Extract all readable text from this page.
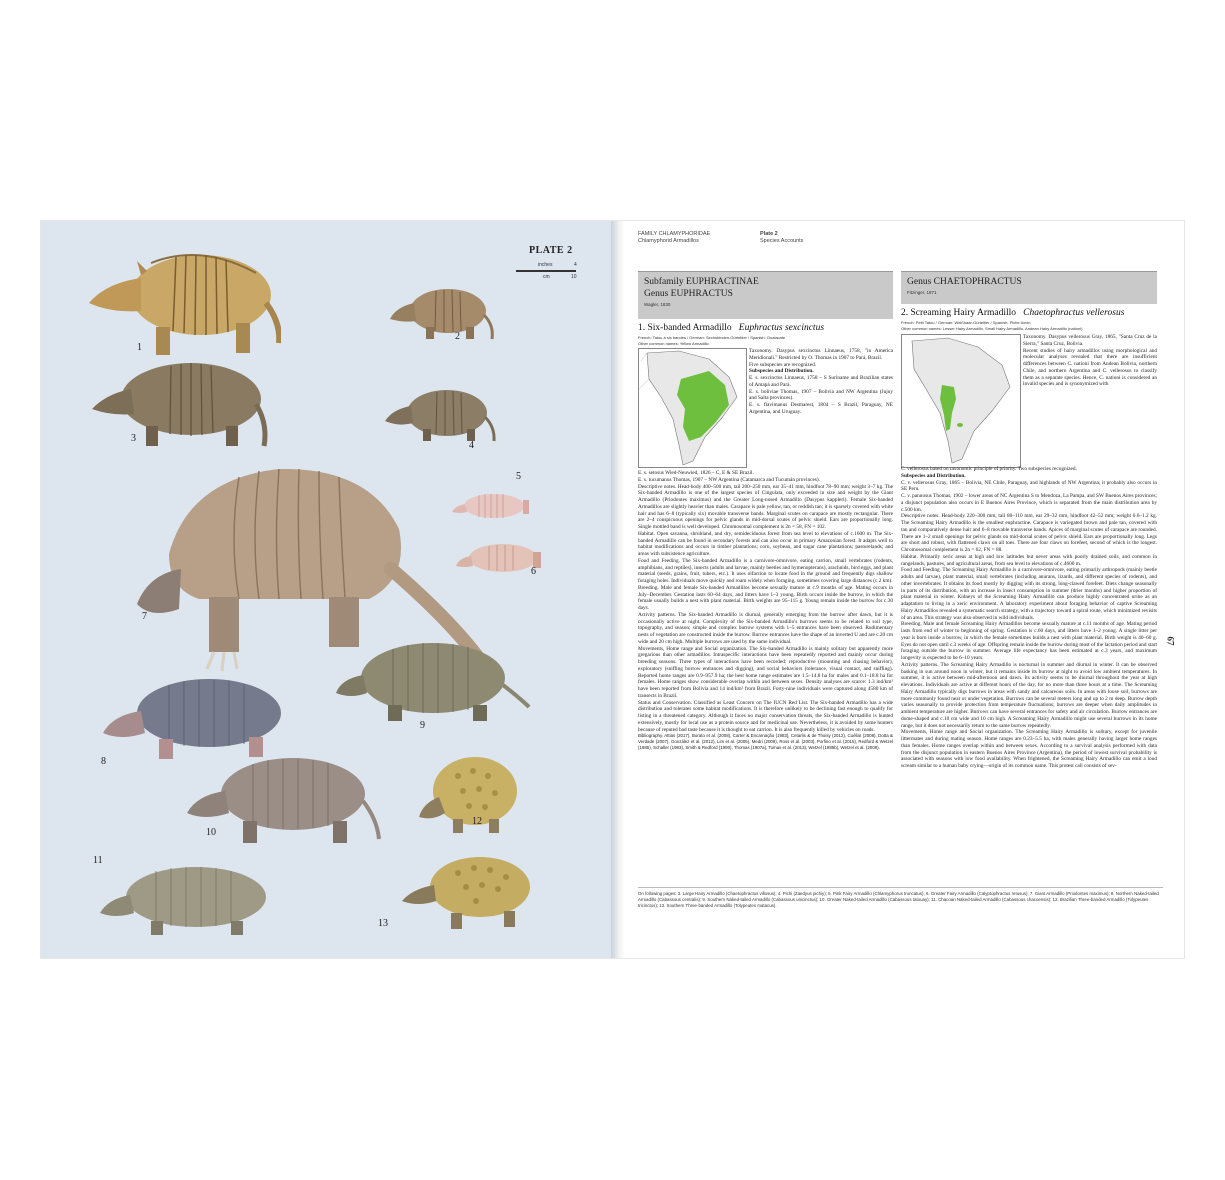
PLATE 2
inches	4
cm	10
1
2
3
4
5
6
7
8
9
10
11
12
13
FAMILY CHLAMYPHORIDAE
Chlamyphorid Armadillos
Plate 2
Species Accounts
Subfamily EUPHRACTINAE
Genus EUPHRACTUS
Wagler, 1830
Genus CHAETOPHRACTUS
Fitzinger, 1871
1. Six-banded Armadillo Euphractus sexcinctus
French: Tatou à six bandes / German: Sechsbinden-Gürteltier / Spanish: Gualacate
Other common names: Yellow Armadillo
2. Screaming Hairy Armadillo Chaetophractus vellerosus
French: Petit Tatou / German: Weißhaar-Gürteltier / Spanish: Piche llorón
Other common names: Lesser Hairy Armadillo, Small Hairy Armadillo, Andean Hairy Armadillo (nationi)

Taxonomy. Dasypus sexcinctus Linnaeus, 1758, "in America Meridionali." Restricted by O. Thomas in 1907 to Pará, Brazil.

Five subspecies are recognized.

Subspecies and Distribution.

E. s. sexcinctus Linnaeus, 1758 – S Suriname and Brazilian states of Amapá and Pará.

E. s. boliviae Thomas, 1907 – Bolivia and NW Argentina (Jujuy and Salta provinces).

E. s. flavimanus Desmarest, 1804 – S Brazil, Paraguay, NE Argentina, and Uruguay.

E. s. setosus Wied-Neuwied, 1826 – C, E & SE Brazil.

E. s. tucumanus Thomas, 1907 – NW Argentina (Catamarca and Tucumán provinces).

Descriptive notes. Head-body 400–500 mm, tail 200–250 mm, ear 35–41 mm, hindfoot 78–90 mm; weight 3–7 kg. The Six-banded Armadillo is one of the largest species of Cingulata, only exceeded in size and weight by the Giant Armadillo (Priodontes maximus) and the Greater Long-nosed Armadillo (Dasypus kappleri). Female Six-banded Armadillos are slightly heavier than males. Carapace is pale yellow, tan, or reddish tan; it is sparsely covered with white hair and has 6–8 (typically six) movable transverse bands. Marginal scutes on carapace are mostly rectangular. There are 2–4 conspicuous openings for pelvic glands in mid-dorsal scutes of pelvic shield. Ears are proportionally long. Single mottled band is well developed. Chromosomal complement is 2n = 58, FN = 102.

Habitat. Open savanna, shrubland, and dry, semideciduous forest from sea level to elevations of c.1600 m. The Six-banded Armadillo can be found in secondary forests and can also occur in primary Amazonian forest. It adapts well to habitat modifications and occurs in timber plantations; corn, soybean, and sugar cane plantations; pasturelands; and areas with subsistence agriculture.

Food and Feeding. The Six-banded Armadillo is a carnivore-omnivore, eating carrion, small vertebrates (rodents, amphibians, and reptiles), insects (adults and larvae, mainly beetles and hymenopterans), arachnids, bird eggs, and plant material (seeds, grains, fruit, tubers, etc.). It uses olfaction to locate food in the ground and frequently digs shallow foraging holes. Individuals move quickly and roam widely when foraging, sometimes covering large distances (c.2 km).

Breeding. Male and female Six-banded Armadillos become sexually mature at c.9 months of age. Mating occurs in July–December. Gestation lasts 60–64 days, and litters have 1–3 young. Birth occurs inside the burrow, in which the female usually builds a nest with plant material. Birth weights are 95–115 g. Young remain inside the burrow for c.30 days.

Activity patterns. The Six-banded Armadillo is diurnal, generally emerging from the burrow after dawn, but it is occasionally active at night. Complexity of the Six-banded Armadillo's burrows seems to be related to soil type, topography, and season; simple and complex burrow systems with 1–5 entrances have been observed. Rudimentary nests of vegetation are constructed inside the burrow. Burrow entrances have the shape of an inverted U and are c.20 cm wide and 20 cm high. Multiple burrows are used by the same individual.

Movements, Home range and Social organization. The Six-banded Armadillo is mainly solitary but apparently more gregarious than other armadillos. Intraspecific interactions have been repeatedly reported and mainly occur during breeding seasons. Three types of interactions have been recorded: reproductive (mounting and chasing behavior), exploratory (sniffing burrow entrances and digging), and social behaviors (tolerance, visual contact, and sniffing). Reported home ranges are 0.9–957.9 ha; the best home range estimates are 1.5–14.8 ha for males and 0.1–18.8 ha for females. Home ranges show considerable overlap within and between sexes. Density analyses are scarce: 1.3 ind/km² have been reported from Bolivia and 14 ind/km² from Brazil. Forty-nine individuals were captured along 4580 km of transects in Brazil.

Status and Conservation. Classified as Least Concern on The IUCN Red List. The Six-banded Armadillo has a wide distribution and tolerates some habitat modifications. It is therefore unlikely to be declining fast enough to qualify for listing in a threatened category. Although it faces no major conservation threats, the Six-banded Armadillo is hunted extensively, mostly for local use as a protein source and for medicinal use. Nevertheless, it is avoided by some hunters because of reputed bad taste because it is thought to eat carrion. It is also frequently killed by vehicles on roads.

Bibliography. Attias (2017), Borato et al. (2008), Carter & Encarnação (1983), Cetarlis & de Thoisy (2012), Cuéllar (2008), Dotta & Verdade (2007), González et al. (2012), Lim et al. (2005), Medri (2008), Ross et al. (2003), Porfirio et al. (2015), Redford & Wetzel (1985), Schaller (1983), Smith & Redford (1990), Thomas (1907a), Tomas et al. (2013), Wetzel (1985b), Wetzel et al. (2008).

Taxonomy. Dasypus vellerosus Gray, 1865, "Santa Cruz de la Sierra," Santa Cruz, Bolivia.

Recent studies of hairy armadillos using morphological and molecular analyses revealed that there are insufficient differences between C. nationi from Andean Bolivia, northern Chile, and northern Argentina and C. vellerosus to classify them as a separate species. Hence, C. nationi is considered an invalid species and is synonymized with

C. vellerosus based on taxonomic principle of priority. Two subspecies recognized.

Subspecies and Distribution.

C. v. vellerosus Gray, 1865 – Bolivia, NE Chile, Paraguay, and highlands of NW Argentina; it probably also occurs in SE Peru.

C. v. pannosus Thomas, 1902 – lower areas of NC Argentina S to Mendoza, La Pampa, and SW Buenos Aires provinces; a disjunct population also occurs in E Buenos Aires Province, which is separated from the main distribution area by c.500 km.

Descriptive notes. Head-body 220–300 mm, tail 80–110 mm, ear 29–32 mm, hindfoot 42–52 mm; weight 0.6–1.2 kg. The Screaming Hairy Armadillo is the smallest euphractine. Carapace is variegated brown and pale tan, covered with tan and comparatively dense hair and 6–8 movable transverse bands. Apices of marginal scutes of carapace are rounded. There are 1–2 small openings for pelvic glands on mid-dorsal scutes of pelvic shield. Ears are proportionally long. Legs are short and robust, with flattened claws on all toes. There are four claws on forefeet, second of which is the longest. Chromosomal complement is 2n = 62, FN = 88.

Habitat. Primarily xeric areas at high and low latitudes but never areas with poorly drained soils, and common in rangelands, pastures, and agricultural areas, from sea level to elevations of c.4600 m.

Food and Feeding. The Screaming Hairy Armadillo is a carnivore-omnivore, eating primarily arthropods (mainly beetle adults and larvae), plant material, small vertebrates (including anurans, lizards, and different species of rodents), and other invertebrates. It obtains its food mostly by digging with its strong, long-clawed forefeet. Diets change seasonally in parts of its distribution, with an increase in insect consumption in summer (drier months) and higher proportion of plant material in winter. Kidneys of the Screaming Hairy Armadillo can produce highly concentrated urine as an adaptation to living in a xeric environment. A laboratory experiment about foraging behavior of captive Screaming Hairy Armadillos revealed a systematic search strategy, with a trajectory toward a spiral route, which minimized revisits of an area. This strategy was also observed in wild individuals.

Breeding. Male and female Screaming Hairy Armadillos become sexually mature at c.11 months of age. Mating period lasts from end of winter to beginning of spring. Gestation is c.60 days, and litters have 1–2 young. A single litter per year is born inside a burrow, in which the female sometimes builds a nest with plant material. Birth weight is 40–60 g. Eyes do not open until c.3 weeks of age. Offspring remain inside the burrow during most of the lactation period and start foraging outside the burrow in summer. Average life expectancy has been estimated at c.3 years, and maximum longevity is expected to be 6–10 years.

Activity patterns. The Screaming Hairy Armadillo is nocturnal in summer and diurnal in winter. It can be observed basking in sun around noon in winter, but it remains inside its burrow at night to avoid low ambient temperatures. In summer, it is active between mid-afternoon and dawn. Its activity seems to be diurnal throughout the year at high elevations. Individuals are active at different hours of the day, for no more than three hours at a time. The Screaming Hairy Armadillo typically digs burrows in areas with sandy and calcareous soils. In areas with loose soil, burrows are more commonly found near or under vegetation. Burrows can be several meters long and up to 2 m deep. Burrow depth varies seasonally to provide protection from temperature fluctuations; burrows are deeper when daily amplitudes in ambient temperature are higher. Burrows can have several entrances for safety and air circulation. Burrow entrances are dome-shaped and c.10 cm wide and 10 cm high. A Screaming Hairy Armadillo might use several burrows in its home range, but it does not necessarily return to the same burrow repeatedly.

Movements, Home range and Social organization. The Screaming Hairy Armadillo is solitary, except for juvenile littermates and during mating season. Home ranges are 0.23–5.5 ha, with males generally having larger home ranges than females. Home ranges overlap within and between sexes. According to a survival analysis performed with data from the disjunct population in eastern Buenos Aires Province (Argentina), the period of lowest survival probability is associated with seasons with low food availability. When frightened, the Screaming Hairy Armadillo can emit a loud scream similar to a human baby crying—origin of its common name. This protest call consists of sev-

On following pages: 3. Large Hairy Armadillo (Chaetophractus villosus); 4. Pichi (Zaedyus pichiy); 5. Pink Fairy Armadillo (Chlamyphorus truncatus); 6. Greater Fairy Armadillo (Calyptophractus retusus); 7. Giant Armadillo (Priodontes maximus); 8. Northern Naked-tailed Armadillo (Cabassous centralis); 9. Southern Naked-tailed Armadillo (Cabassous unicinctus); 10. Greater Naked-tailed Armadillo (Cabassous tatouay); 11. Chacoan Naked-tailed Armadillo (Cabassous chacoensis); 12. Brazilian Three-banded Armadillo (Tolypeutes tricinctus); 13. Southern Three-banded Armadillo (Tolypeutes matacus).
67
